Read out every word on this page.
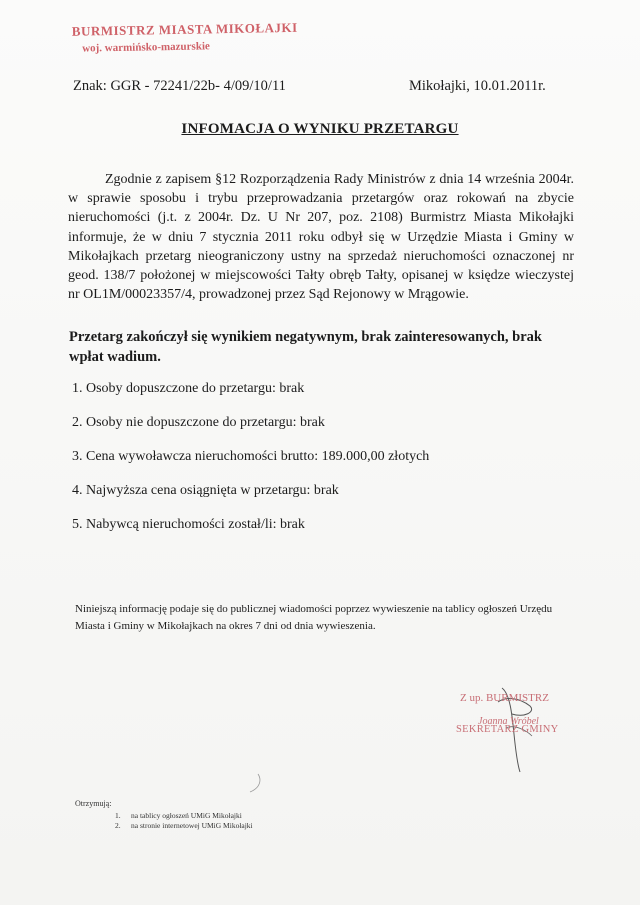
BURMISTRZ MIASTA MIKOŁAJKI
woj. warmińsko-mazurskie
Znak: GGR - 72241/22b- 4/09/10/11	Mikołajki, 10.01.2011r.
INFOMACJA O WYNIKU PRZETARGU

Zgodnie z zapisem §12 Rozporządzenia Rady Ministrów z dnia 14 września 2004r. w sprawie sposobu i trybu przeprowadzania przetargów oraz rokowań na zbycie nieruchomości (j.t. z 2004r. Dz. U Nr 207, poz. 2108) Burmistrz Miasta Mikołajki informuje, że w dniu 7 stycznia 2011 roku odbył się w Urzędzie Miasta i Gminy w Mikołajkach przetarg nieograniczony ustny na sprzedaż nieruchomości oznaczonej nr geod. 138/7 położonej w miejscowości Tałty obręb Tałty, opisanej w księdze wieczystej nr OL1M/00023357/4, prowadzonej przez Sąd Rejonowy w Mrągowie.

Przetarg zakończył się wynikiem negatywnym, brak zainteresowanych, brak wpłat wadium.

1. Osoby dopuszczone do przetargu: brak
2. Osoby nie dopuszczone do przetargu: brak
3. Cena wywoławcza nieruchomości brutto: 189.000,00 złotych
4. Najwyższa cena osiągnięta w przetargu: brak
5. Nabywcą nieruchomości został/li: brak

Niniejszą informację podaje się do publicznej wiadomości poprzez wywieszenie na tablicy ogłoszeń Urzędu Miasta i Gminy w Mikołajkach na okres 7 dni od dnia wywieszenia.

Z up. BURMISTRZ
Joanna Wróbel
SEKRETARZ GMINY
Otrzymują:
1. na tablicy ogłoszeń UMiG Mikołajki
2. na stronie internetowej UMiG Mikołajki
